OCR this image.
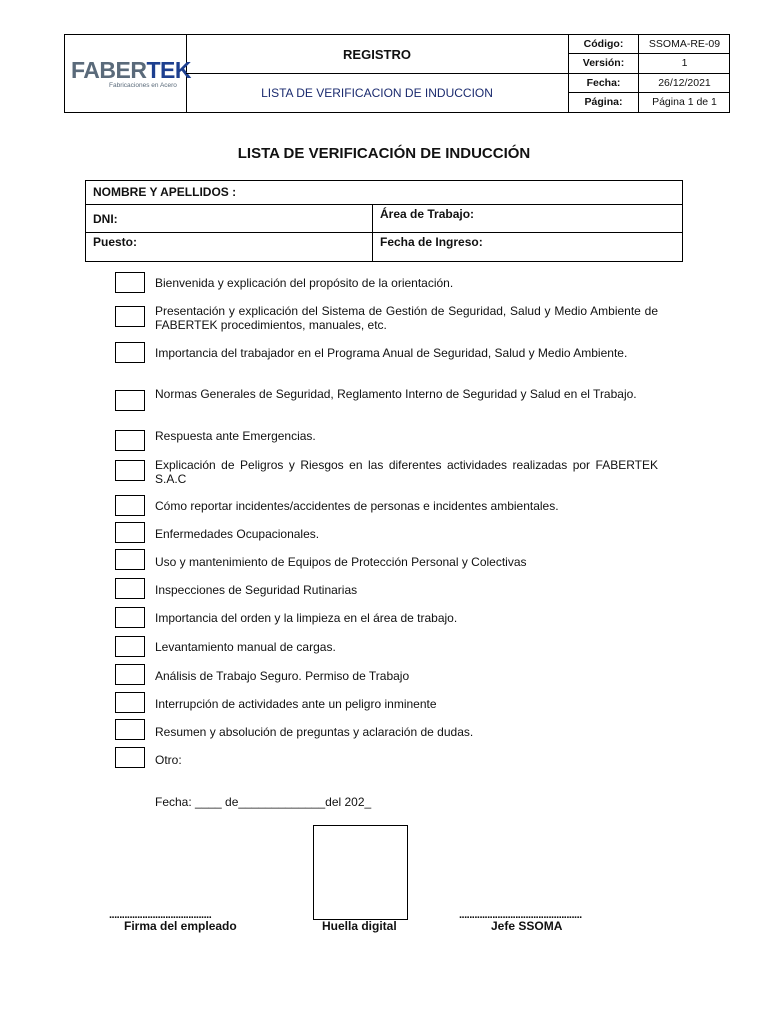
FABERTEK
Fabricaciones en Acero
REGISTRO
LISTA DE VERIFICACION DE INDUCCION
Código:	SSOMA-RE-09
Versión:	1
Fecha:	26/12/2021
Página:	Página 1 de 1
LISTA DE VERIFICACIÓN DE INDUCCIÓN
NOMBRE Y APELLIDOS :
DNI:	Área de Trabajo:
Puesto:	Fecha de Ingreso:
Bienvenida y explicación del propósito de la orientación.
Presentación y explicación del Sistema de Gestión de Seguridad, Salud y Medio Ambiente de FABERTEK procedimientos, manuales, etc.
Importancia del trabajador en el Programa Anual de Seguridad, Salud y Medio Ambiente.
Normas Generales de Seguridad, Reglamento Interno de Seguridad y Salud en el Trabajo.
Respuesta ante Emergencias.
Explicación de Peligros y Riesgos en las diferentes actividades realizadas por FABERTEK S.A.C
Cómo reportar incidentes/accidentes de personas e incidentes ambientales.
Enfermedades Ocupacionales.
Uso y mantenimiento de Equipos de Protección Personal y Colectivas
Inspecciones de Seguridad Rutinarias
Importancia del orden y la limpieza en el área de trabajo.
Levantamiento manual de cargas.
Análisis de Trabajo Seguro. Permiso de Trabajo
Interrupción de actividades ante un peligro inminente
Resumen y absolución de preguntas y aclaración de dudas.
Otro:
Fecha: ____ de_____________del 202_
........................................	................................................
Firma del empleado	Huella digital	Jefe SSOMA
